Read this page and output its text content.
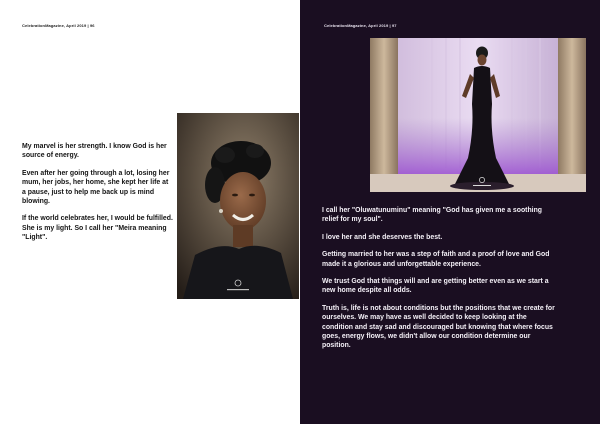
CelebrationMagazine, April 2019 | 96

My marvel is her strength. I know God is her source of energy.

Even after her going through a lot, losing her mum, her jobs, her home, she kept her life at a pause, just to help me back up is mind blowing.

If the world celebrates her, I would be fulfilled. She is my light. So I call her "Meira meaning "Light".

CelebrationMagazine, April 2019 | 97

I call her "Oluwatunuminu" meaning "God has given me a soothing relief for my soul".

I love her and she deserves the best.

Getting married to her was a step of faith and a proof of love and God made it a glorious and unforgettable experience.

We trust God that things will and are getting better even as we start a new home despite all odds.

Truth is, life is not about conditions but the positions that we create for ourselves. We may have as well decided to keep looking at the condition and stay sad and discouraged but knowing that where focus goes, energy flows, we didn't allow our condition determine our position.
